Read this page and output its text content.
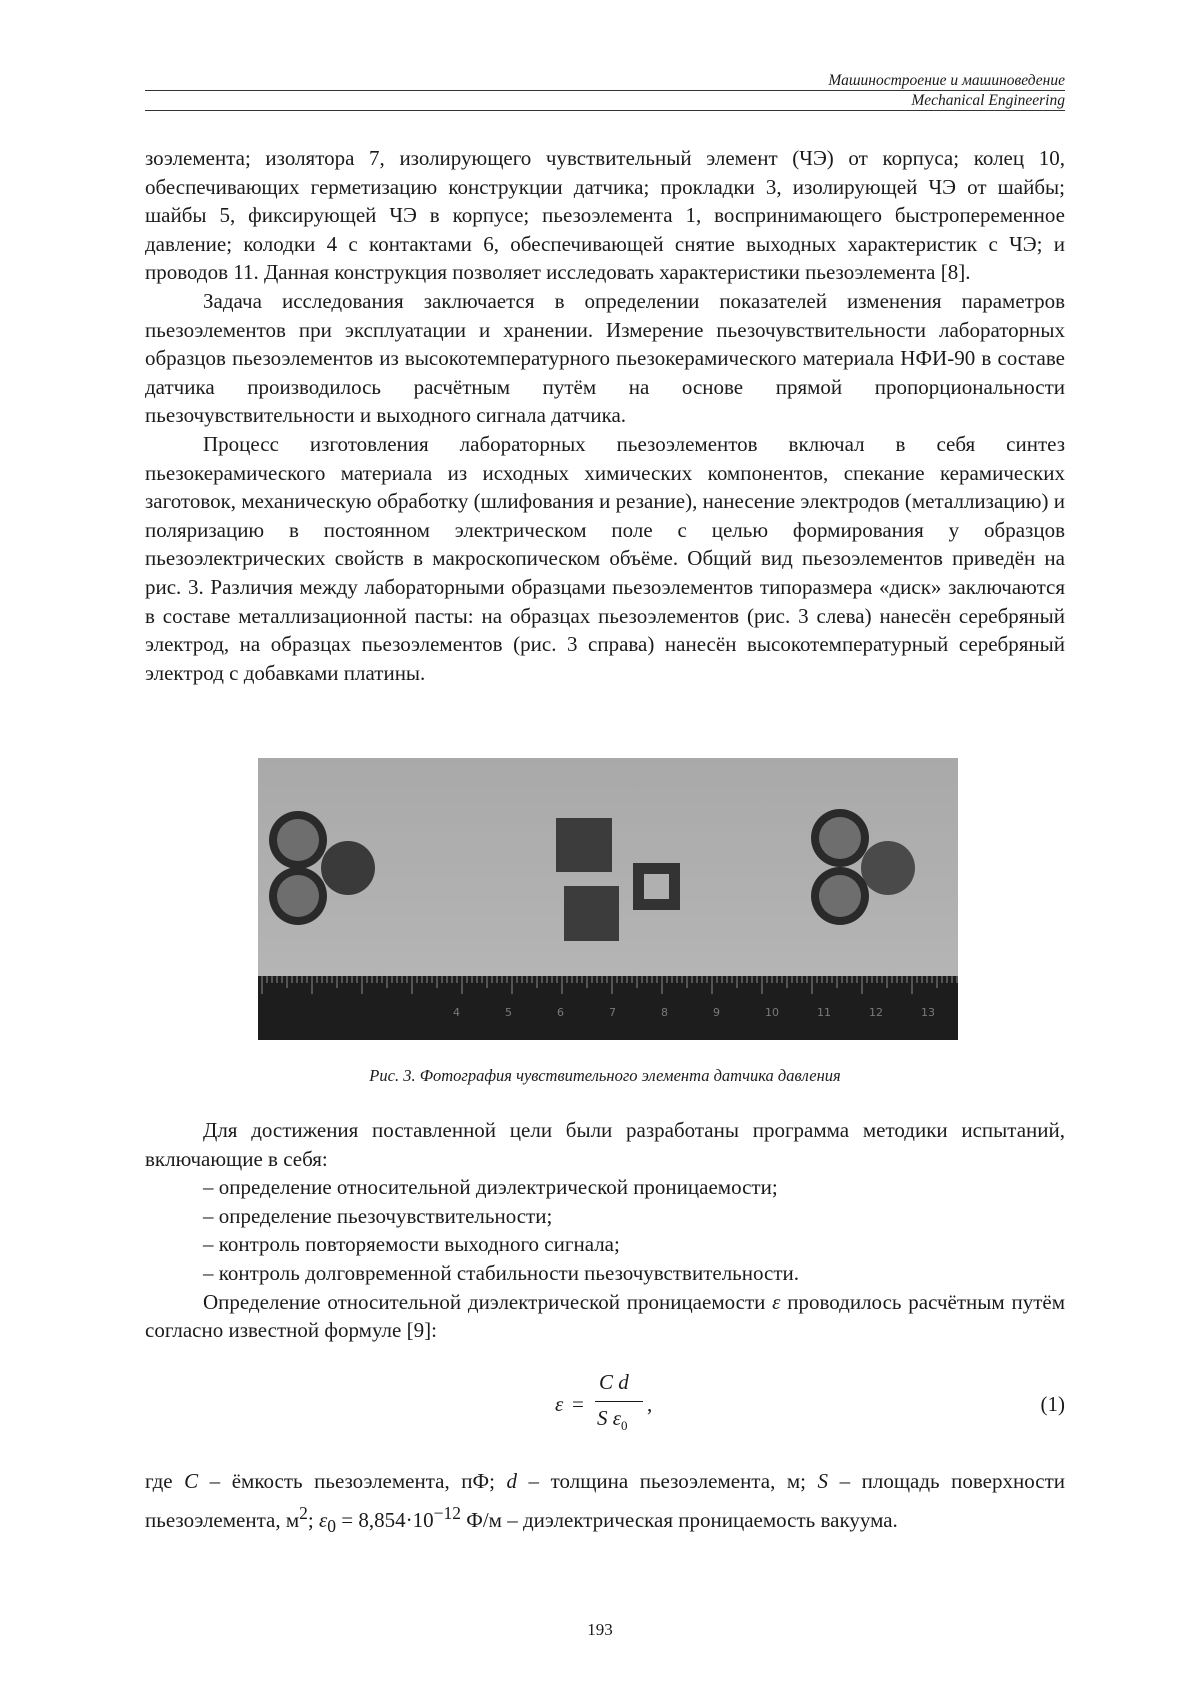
Машиностроение и машиноведение
Mechanical Engineering

зоэлемента; изолятора 7, изолирующего чувствительный элемент (ЧЭ) от корпуса; колец 10, обеспечивающих герметизацию конструкции датчика; прокладки 3, изолирующей ЧЭ от шайбы; шайбы 5, фиксирующей ЧЭ в корпусе; пьезоэлемента 1, воспринимающего быстропеременное давление; колодки 4 с контактами 6, обеспечивающей снятие выходных характеристик с ЧЭ; и проводов 11. Данная конструкция позволяет исследовать характеристики пьезоэлемента [8].

Задача исследования заключается в определении показателей изменения параметров пьезоэлементов при эксплуатации и хранении. Измерение пьезочувствительности лабораторных образцов пьезоэлементов из высокотемпературного пьезокерамического материала НФИ-90 в составе датчика производилось расчётным путём на основе прямой пропорциональности пьезочувствительности и выходного сигнала датчика.

Процесс изготовления лабораторных пьезоэлементов включал в себя синтез пьезокерамического материала из исходных химических компонентов, спекание керамических заготовок, механическую обработку (шлифования и резание), нанесение электродов (металлизацию) и поляризацию в постоянном электрическом поле с целью формирования у образцов пьезоэлектрических свойств в макроскопическом объёме. Общий вид пьезоэлементов приведён на рис. 3. Различия между лабораторными образцами пьезоэлементов типоразмера «диск» заключаются в составе металлизационной пасты: на образцах пьезоэлементов (рис. 3 слева) нанесён серебряный электрод, на образцах пьезоэлементов (рис. 3 справа) нанесён высокотемпературный серебряный электрод с добавками платины.

4	5	6	7	8	9	10	11	12	13
Рис. 3. Фотография чувствительного элемента датчика давления

Для достижения поставленной цели были разработаны программа методики испытаний, включающие в себя:

– определение относительной диэлектрической проницаемости;

– определение пьезочувствительности;

– контроль повторяемости выходного сигнала;

– контроль долговременной стабильности пьезочувствительности.

Определение относительной диэлектрической проницаемости ε проводилось расчётным путём согласно известной формуле [9]:

ε =
C d
S ε0
,	(1)

где C – ёмкость пьезоэлемента, пФ; d – толщина пьезоэлемента, м; S – площадь поверхности пьезоэлемента, м2; ε0 = 8,854·10−12 Ф/м – диэлектрическая проницаемость вакуума.

193
